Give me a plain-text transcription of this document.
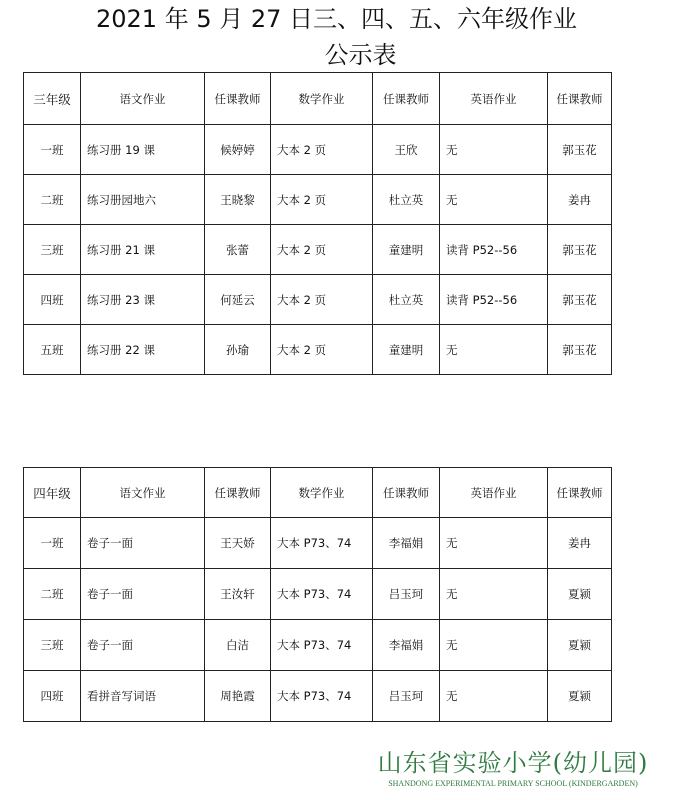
2021 年 5 月 27 日三、四、五、六年级作业
公示表
三年级	语文作业	任课教师	数学作业	任课教师	英语作业	任课教师
一班	练习册 19 课	候婷婷	大本 2 页	王欣	无	郭玉花
二班	练习册园地六	王晓黎	大本 2 页	杜立英	无	姜冉
三班	练习册 21 课	张蕾	大本 2 页	童建明	读背 P52--56	郭玉花
四班	练习册 23 课	何延云	大本 2 页	杜立英	读背 P52--56	郭玉花
五班	练习册 22 课	孙瑜	大本 2 页	童建明	无	郭玉花
四年级	语文作业	任课教师	数学作业	任课教师	英语作业	任课教师
一班	卷子一面	王天娇	大本 P73、74	李福娟	无	姜冉
二班	卷子一面	王汝轩	大本 P73、74	吕玉珂	无	夏颍
三班	卷子一面	白洁	大本 P73、74	李福娟	无	夏颍
四班	看拼音写词语	周艳霞	大本 P73、74	吕玉珂	无	夏颍
山东省实验小学(幼儿园)
SHANDONG EXPERIMENTAL PRIMARY SCHOOL (KINDERGARDEN)
